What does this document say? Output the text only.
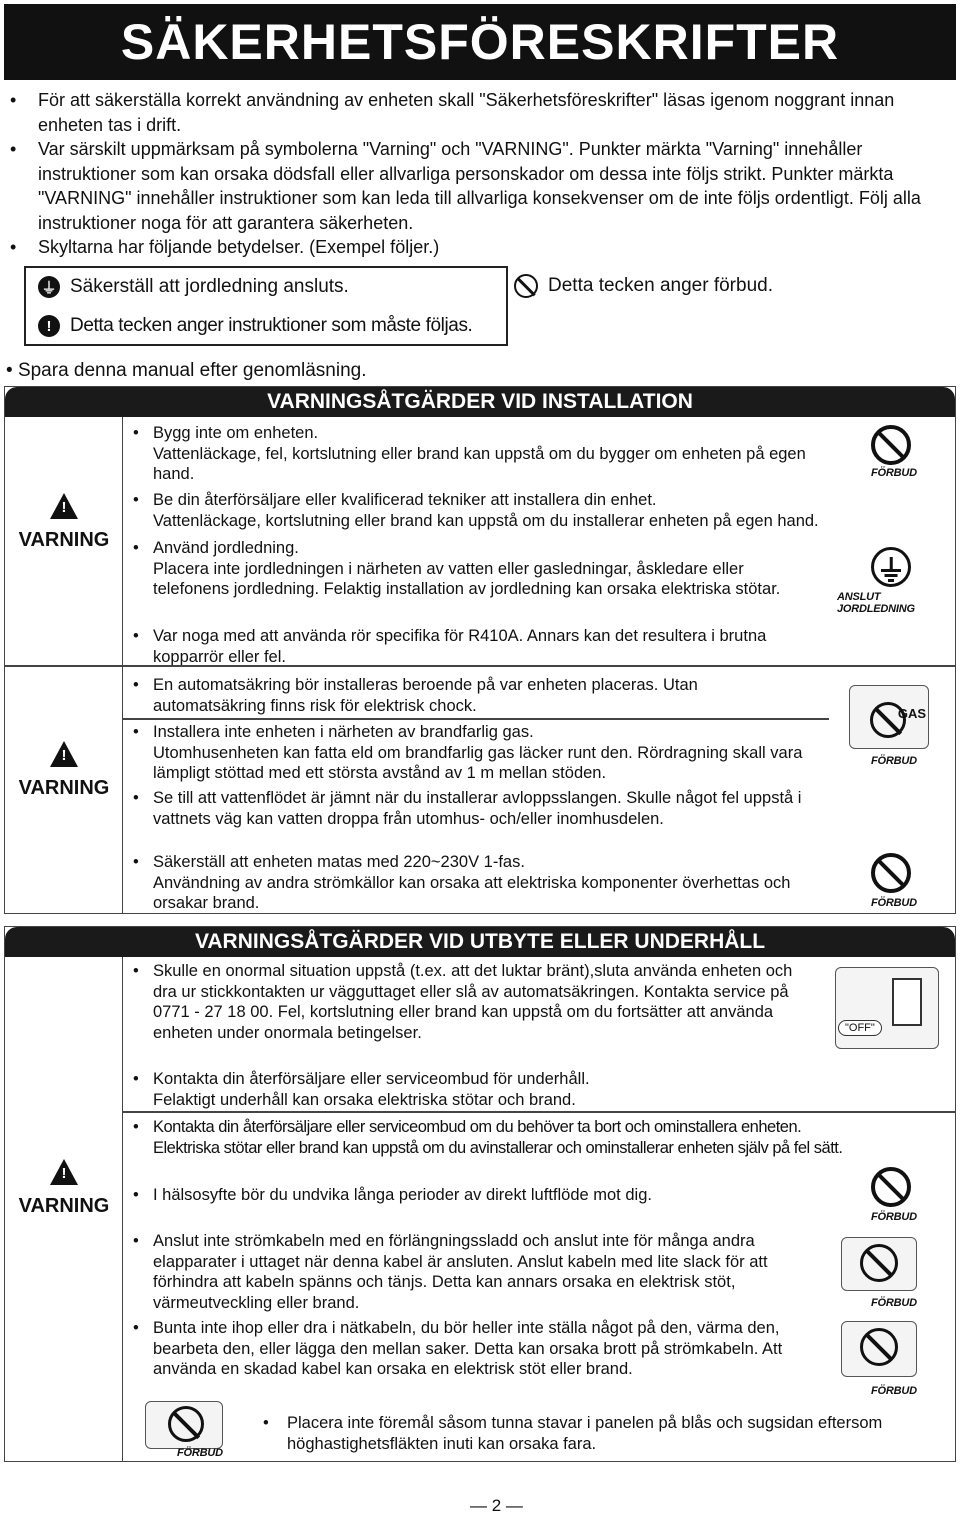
SÄKERHETSFÖRESKRIFTER
• För att säkerställa korrekt användning av enheten skall "Säkerhetsföreskrifter" läsas igenom noggrant innan enheten tas i drift.
• Var särskilt uppmärksam på symbolerna "Varning" och "VARNING". Punkter märkta "Varning" innehåller instruktioner som kan orsaka dödsfall eller allvarliga personskador om dessa inte följs strikt. Punkter märkta "VARNING" innehåller instruktioner som kan leda till allvarliga konsekvenser om de inte följs ordentligt. Följ alla instruktioner noga för att garantera säkerheten.
• Skyltarna har följande betydelser. (Exempel följer.)
⏚ Säkerställ att jordledning ansluts.
! Detta tecken anger instruktioner som måste följas.
Detta tecken anger förbud.
• Spara denna manual efter genomläsning.
VARNINGSÅTGÄRDER VID INSTALLATION
!
VARNING
!
VARNING
• Bygg inte om enheten.
Vattenläckage, fel, kortslutning eller brand kan uppstå om du bygger om enheten på egen hand.
• Be din återförsäljare eller kvalificerad tekniker att installera din enhet.
Vattenläckage, kortslutning eller brand kan uppstå om du installerar enheten på egen hand.
• Använd jordledning.
Placera inte jordledningen i närheten av vatten eller gasledningar, åskledare eller telefonens jordledning. Felaktig installation av jordledning kan orsaka elektriska stötar.
• Var noga med att använda rör specifika för R410A. Annars kan det resultera i brutna kopparrör eller fel.
• En automatsäkring bör installeras beroende på var enheten placeras. Utan automatsäkring finns risk för elektrisk chock.
• Installera inte enheten i närheten av brandfarlig gas.
Utomhusenheten kan fatta eld om brandfarlig gas läcker runt den. Rördragning skall vara lämpligt stöttad med ett största avstånd av 1 m mellan stöden.
• Se till att vattenflödet är jämnt när du installerar avloppsslangen. Skulle något fel uppstå i vattnets väg kan vatten droppa från utomhus- och/eller inomhusdelen.
• Säkerställ att enheten matas med 220~230V 1-fas.
Användning av andra strömkällor kan orsaka att elektriska komponenter överhettas och orsakar brand.
FÖRBUD
ANSLUT JORDLEDNING
GAS
FÖRBUD
FÖRBUD
VARNINGSÅTGÄRDER VID UTBYTE ELLER UNDERHÅLL
!
VARNING
• Skulle en onormal situation uppstå (t.ex. att det luktar bränt),sluta använda enheten och dra ur stickkontakten ur vägguttaget eller slå av automatsäkringen. Kontakta service på 0771 - 27 18 00. Fel, kortslutning eller brand kan uppstå om du fortsätter att använda enheten under onormala betingelser.
• Kontakta din återförsäljare eller serviceombud för underhåll.
Felaktigt underhåll kan orsaka elektriska stötar och brand.
• Kontakta din återförsäljare eller serviceombud om du behöver ta bort och ominstallera enheten.
Elektriska stötar eller brand kan uppstå om du avinstallerar och ominstallerar enheten själv på fel sätt.
• I hälsosyfte bör du undvika långa perioder av direkt luftflöde mot dig.
• Anslut inte strömkabeln med en förlängningssladd och anslut inte för många andra elapparater i uttaget när denna kabel är ansluten. Anslut kabeln med lite slack för att förhindra att kabeln spänns och tänjs. Detta kan annars orsaka en elektrisk stöt, värmeutveckling eller brand.
• Bunta inte ihop eller dra i nätkabeln, du bör heller inte ställa något på den, värma den, bearbeta den, eller lägga den mellan saker. Detta kan orsaka brott på strömkabeln. Att använda en skadad kabel kan orsaka en elektrisk stöt eller brand.
•	Placera inte föremål såsom tunna stavar i panelen på blås och sugsidan eftersom höghastighetsfläkten inuti kan orsaka fara.
"OFF"
FÖRBUD
FÖRBUD
FÖRBUD
FÖRBUD
— 2 —
